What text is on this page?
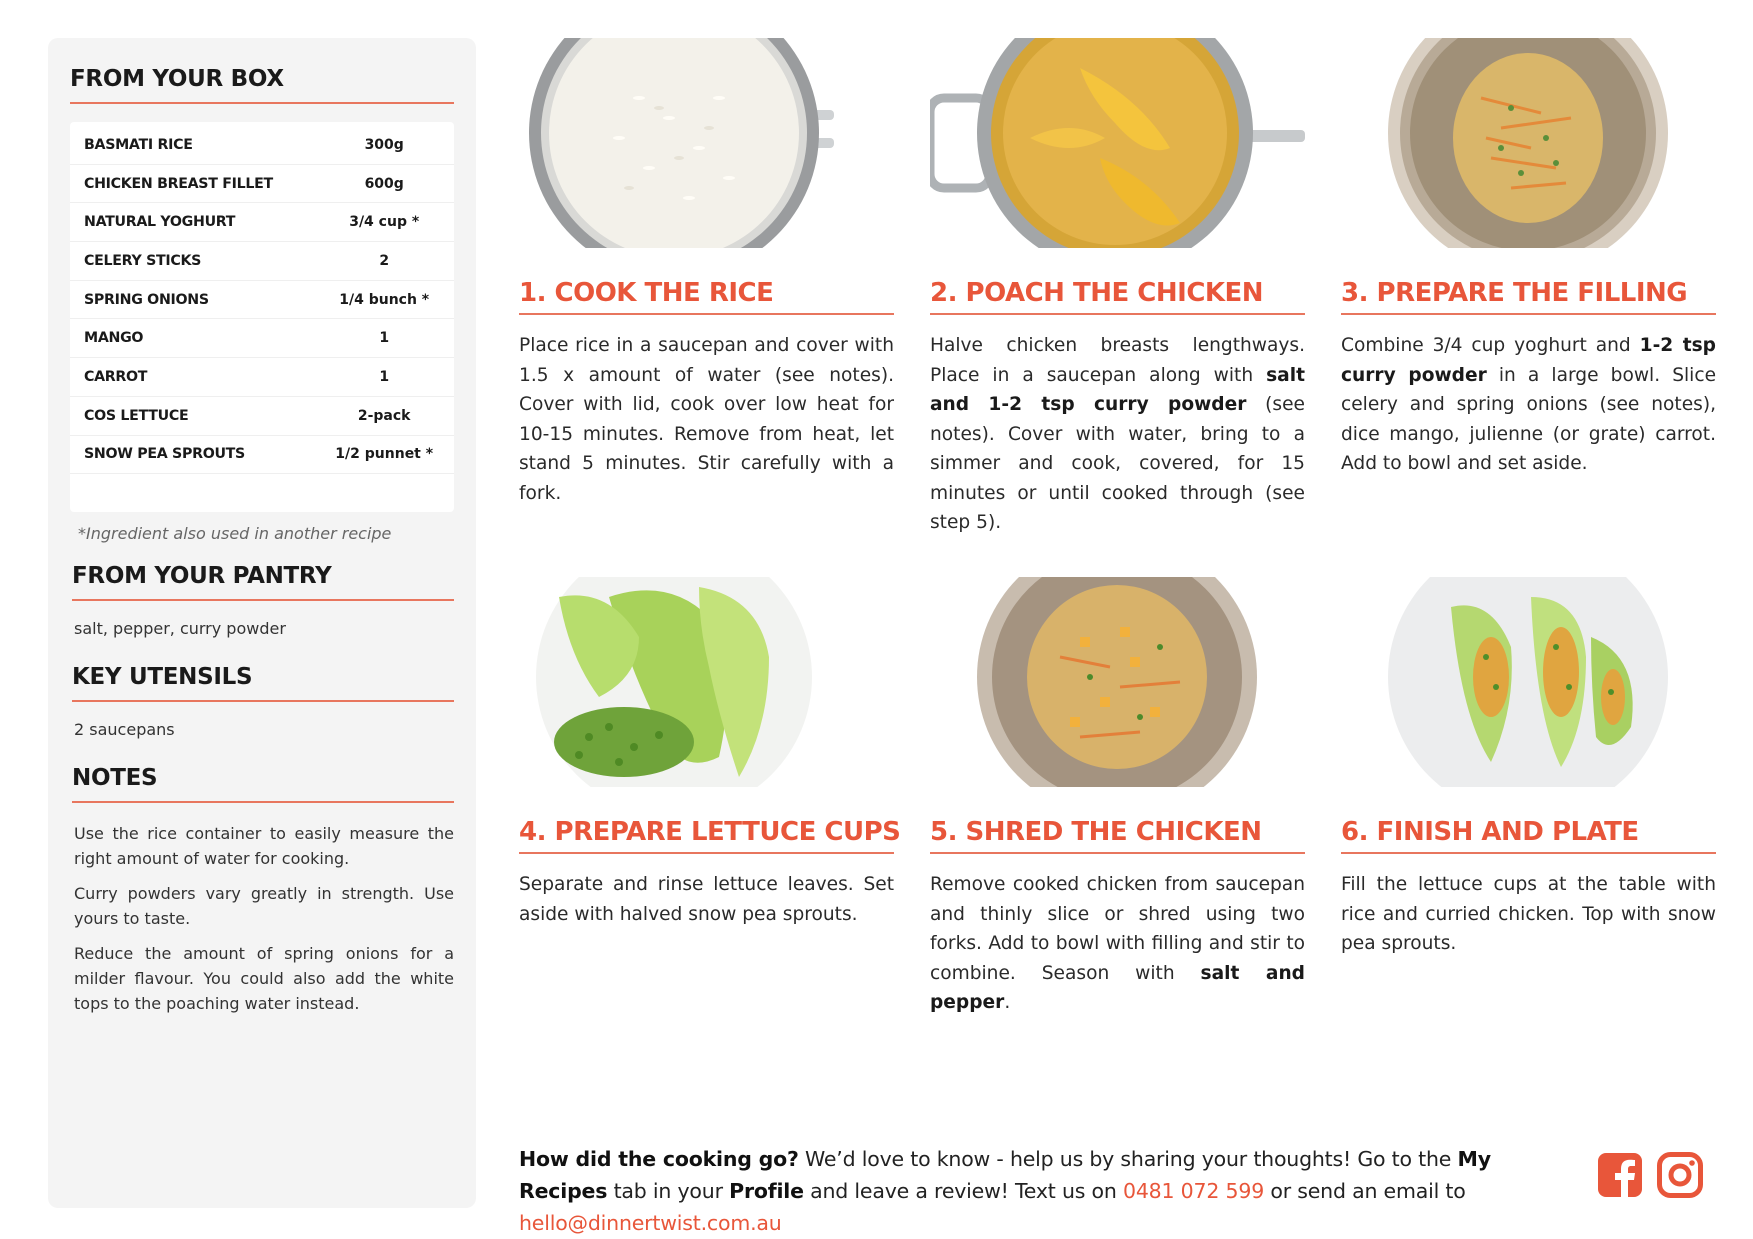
FROM YOUR BOX
BASMATI RICE	300g
CHICKEN BREAST FILLET	600g
NATURAL YOGHURT	3/4 cup *
CELERY STICKS	2
SPRING ONIONS	1/4 bunch *
MANGO	1
CARROT	1
COS LETTUCE	2-pack
SNOW PEA SPROUTS	1/2 punnet *
*Ingredient also used in another recipe
FROM YOUR PANTRY
salt, pepper, curry powder
KEY UTENSILS
2 saucepans
NOTES

Use the rice container to easily measure the right amount of water for cooking.

Curry powders vary greatly in strength. Use yours to taste.

Reduce the amount of spring onions for a milder flavour. You could also add the white tops to the poaching water instead.

1. COOK THE RICE
Place rice in a saucepan and cover with 1.5 x amount of water (see notes). Cover with lid, cook over low heat for 10-15 minutes. Remove from heat, let stand 5 minutes. Stir carefully with a fork.
2. POACH THE CHICKEN
Halve chicken breasts lengthways. Place in a saucepan along with salt and 1-2 tsp curry powder (see notes). Cover with water, bring to a simmer and cook, covered, for 15 minutes or until cooked through (see step 5).
3. PREPARE THE FILLING
Combine 3/4 cup yoghurt and 1-2 tsp curry powder in a large bowl. Slice celery and spring onions (see notes), dice mango, julienne (or grate) carrot. Add to bowl and set aside.
4. PREPARE LETTUCE CUPS
Separate and rinse lettuce leaves. Set aside with halved snow pea sprouts.
5. SHRED THE CHICKEN
Remove cooked chicken from saucepan and thinly slice or shred using two forks. Add to bowl with filling and stir to combine. Season with salt and pepper.
6. FINISH AND PLATE
Fill the lettuce cups at the table with rice and curried chicken. Top with snow pea sprouts.
How did the cooking go? We’d love to know - help us by sharing your thoughts! Go to the My Recipes tab in your Profile and leave a review! Text us on 0481 072 599 or send an email to hello@dinnertwist.com.au
